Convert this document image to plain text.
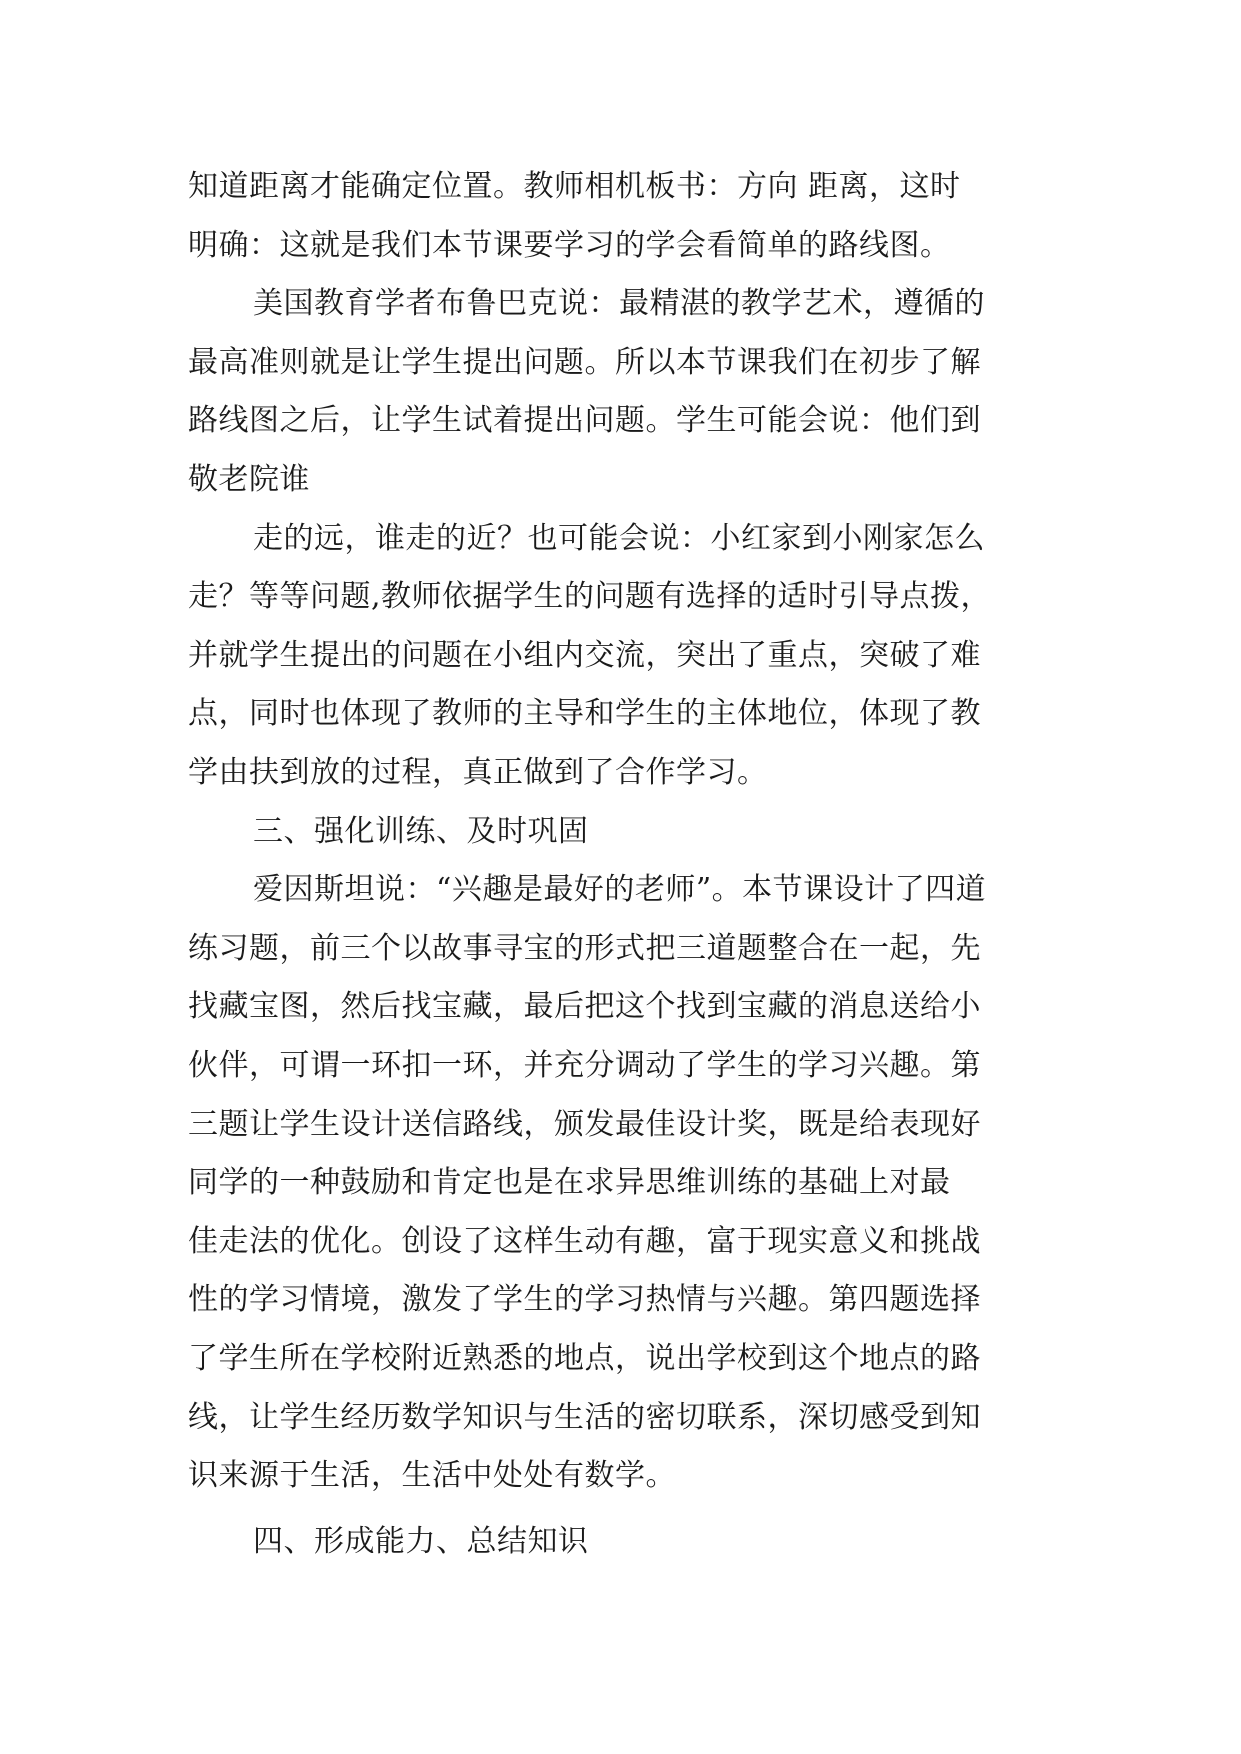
知道距离才能确定位置。教师相机板书：方向 距离，这时
明确：这就是我们本节课要学习的学会看简单的路线图。
美国教育学者布鲁巴克说：最精湛的教学艺术，遵循的
最高准则就是让学生提出问题。所以本节课我们在初步了解
路线图之后，让学生试着提出问题。学生可能会说：他们到
敬老院谁
走的远，谁走的近？也可能会说：小红家到小刚家怎么
走？等等问题,教师依据学生的问题有选择的适时引导点拨，
并就学生提出的问题在小组内交流，突出了重点，突破了难
点，同时也体现了教师的主导和学生的主体地位，体现了教
学由扶到放的过程，真正做到了合作学习。
三、强化训练、及时巩固
爱因斯坦说：“兴趣是最好的老师”。本节课设计了四道
练习题，前三个以故事寻宝的形式把三道题整合在一起，先
找藏宝图，然后找宝藏，最后把这个找到宝藏的消息送给小
伙伴，可谓一环扣一环，并充分调动了学生的学习兴趣。第
三题让学生设计送信路线，颁发最佳设计奖，既是给表现好
同学的一种鼓励和肯定也是在求异思维训练的基础上对最
佳走法的优化。创设了这样生动有趣，富于现实意义和挑战
性的学习情境，激发了学生的学习热情与兴趣。第四题选择
了学生所在学校附近熟悉的地点，说出学校到这个地点的路
线，让学生经历数学知识与生活的密切联系，深切感受到知
识来源于生活，生活中处处有数学。
四、形成能力、总结知识
